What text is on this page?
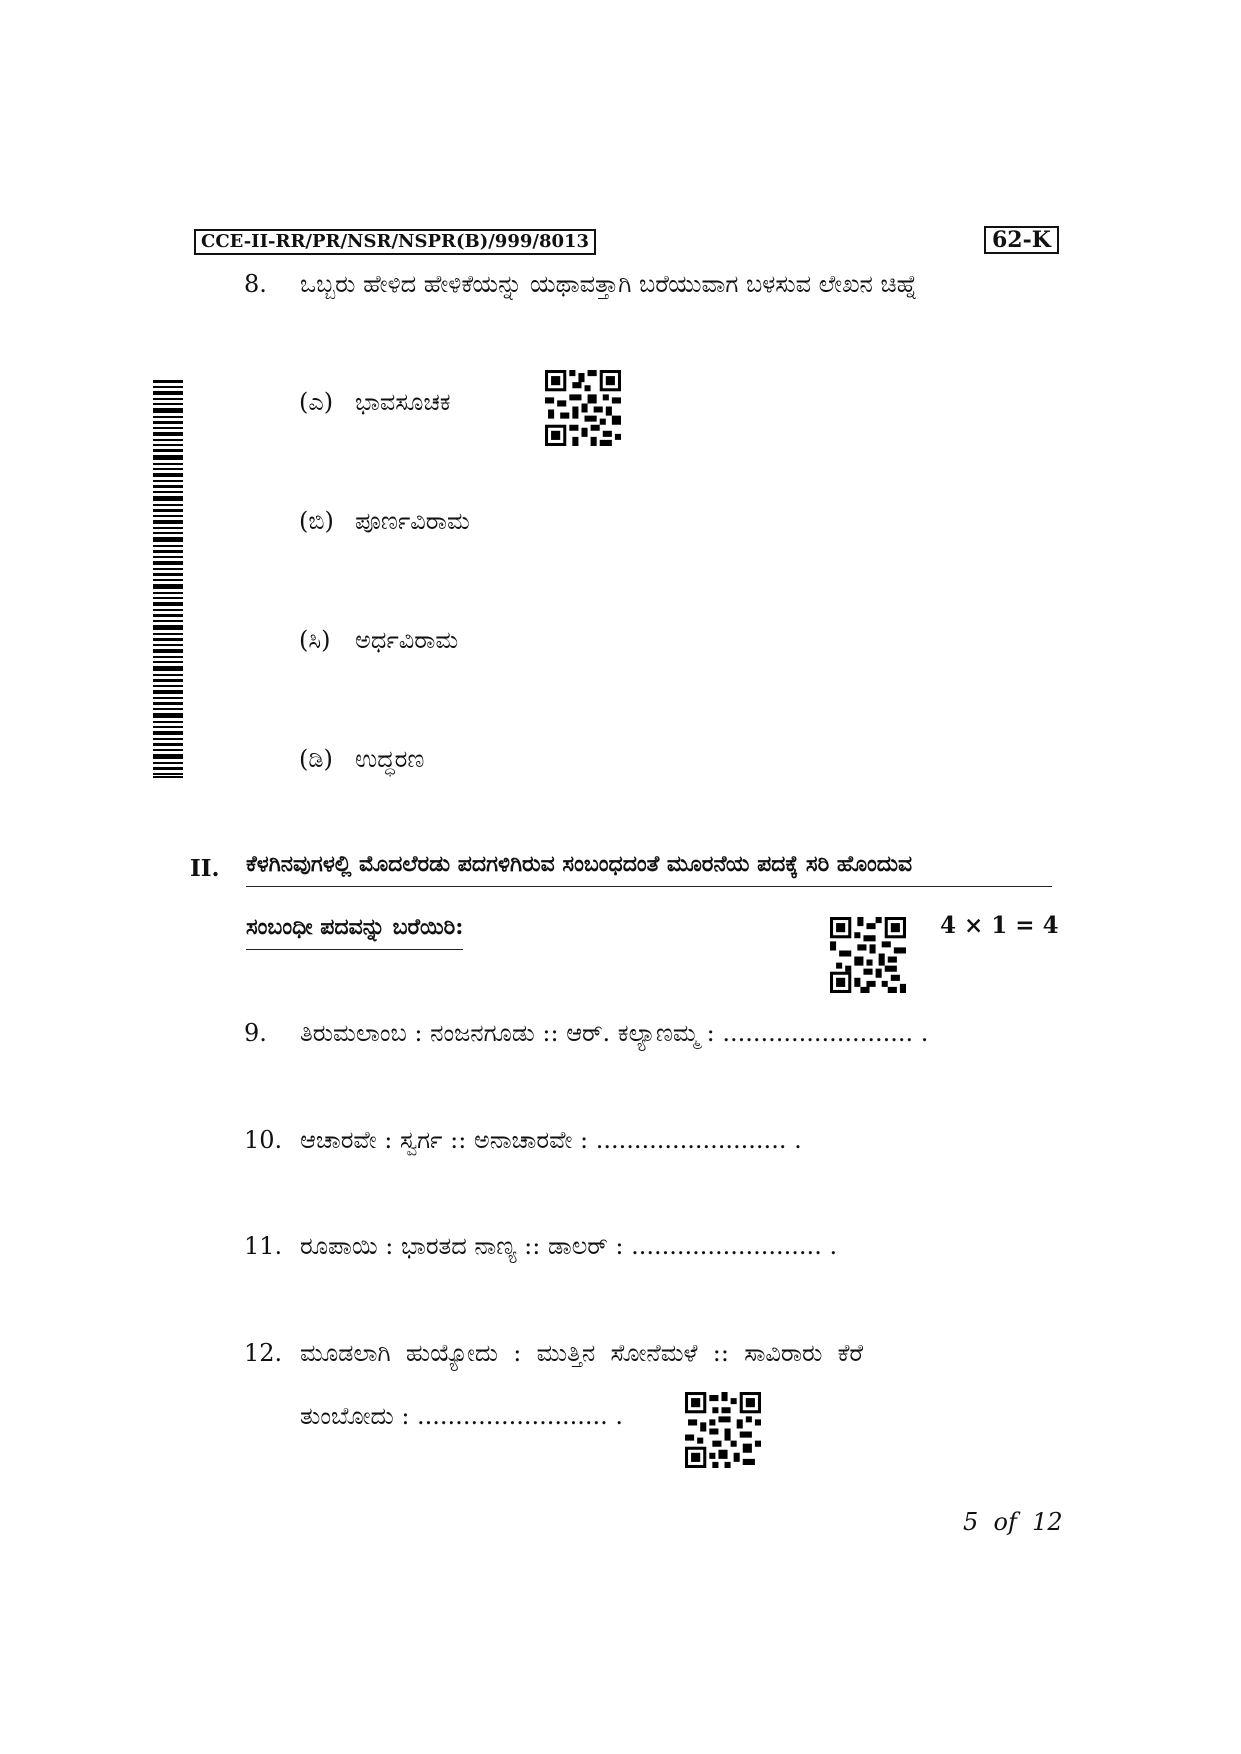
CCE-II-RR/PR/NSR/NSPR(B)/999/8013	62-K
8. ಒಬ್ಬರು ಹೇಳಿದ ಹೇಳಿಕೆಯನ್ನು ಯಥಾವತ್ತಾಗಿ ಬರೆಯುವಾಗ ಬಳಸುವ ಲೇಖನ ಚಿಹ್ನೆ
(ಎ) ಭಾವಸೂಚಕ
(ಬಿ) ಪೂರ್ಣವಿರಾಮ
(ಸಿ) ಅರ್ಧವಿರಾಮ
(ಡಿ) ಉದ್ಧರಣ
II. ಕೆಳಗಿನವುಗಳಲ್ಲಿ ಮೊದಲೆರಡು ಪದಗಳಿಗಿರುವ ಸಂಬಂಧದಂತೆ ಮೂರನೆಯ ಪದಕ್ಕೆ ಸರಿ ಹೊಂದುವ
ಸಂಬಂಧೀ ಪದವನ್ನು ಬರೆಯಿರಿ:	4 × 1 = 4
9. ತಿರುಮಲಾಂಬ : ನಂಜನಗೂಡು :: ಆರ್. ಕಲ್ಯಾಣಮ್ಮ : ......................... .
10. ಆಚಾರವೇ : ಸ್ವರ್ಗ :: ಅನಾಚಾರವೇ : ......................... .
11. ರೂಪಾಯಿ : ಭಾರತದ ನಾಣ್ಯ :: ಡಾಲರ್ : ......................... .
12. ಮೂಡಲಾಗಿ  ಹುಯ್ಯೋದು  :  ಮುತ್ತಿನ  ಸೋನೆಮಳೆ  ::  ಸಾವಿರಾರು  ಕೆರೆ
ತುಂಬೋದು : ......................... .
5  of  12
